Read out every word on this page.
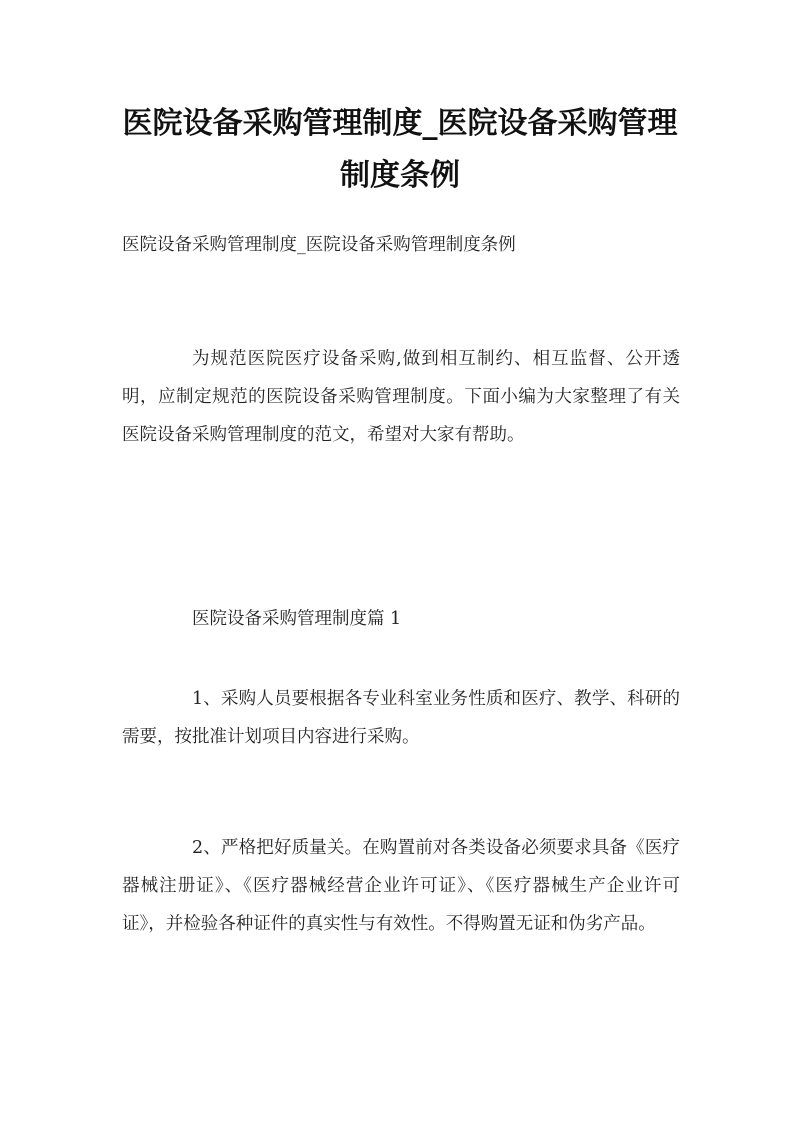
医院设备采购管理制度_医院设备采购管理制度条例

医院设备采购管理制度_医院设备采购管理制度条例

为规范医院医疗设备采购,做到相互制约、相互监督、公开透明，应制定规范的医院设备采购管理制度。下面小编为大家整理了有关医院设备采购管理制度的范文，希望对大家有帮助。

医院设备采购管理制度篇 1

1、采购人员要根据各专业科室业务性质和医疗、教学、科研的需要，按批准计划项目内容进行采购。

2、严格把好质量关。在购置前对各类设备必须要求具备《医疗器械注册证》、《医疗器械经营企业许可证》、《医疗器械生产企业许可证》，并检验各种证件的真实性与有效性。不得购置无证和伪劣产品。
